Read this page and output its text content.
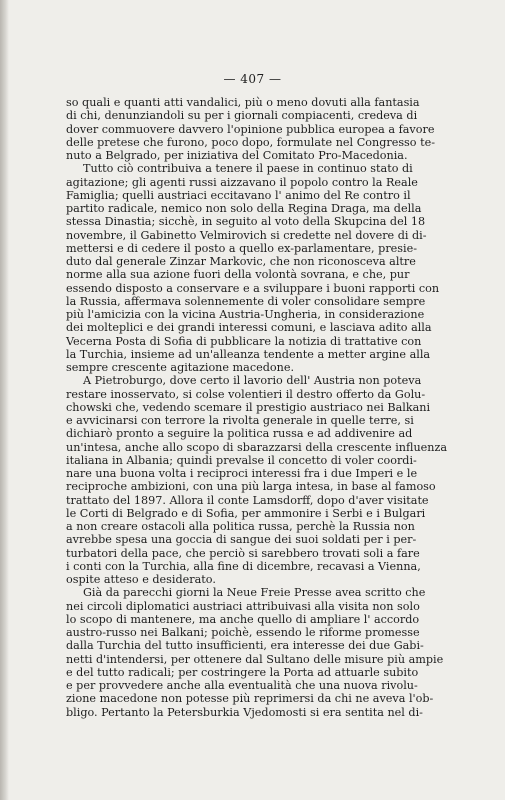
— 407 —
so quali e quanti atti vandalici, più o meno dovuti alla fantasia
di chi, denunziandoli su per i giornali compiacenti, credeva di
dover commuovere davvero l'opinione pubblica europea a favore
delle pretese che furono, poco dopo, formulate nel Congresso te-
nuto a Belgrado, per iniziativa del Comitato Pro-Macedonia.
Tutto ciò contribuiva a tenere il paese in continuo stato di
agitazione; gli agenti russi aizzavano il popolo contro la Reale
Famiglia; quelli austriaci eccitavano l' animo del Re contro il
partito radicale, nemico non solo della Regina Draga, ma della
stessa Dinastia; sicchè, in seguito al voto della Skupcina del 18
novembre, il Gabinetto Velmirovich si credette nel dovere di di-
mettersi e di cedere il posto a quello ex-parlamentare, presie-
duto dal generale Zinzar Markovic, che non riconosceva altre
norme alla sua azione fuori della volontà sovrana, e che, pur
essendo disposto a conservare e a sviluppare i buoni rapporti con
la Russia, affermava solennemente di voler consolidare sempre
più l'amicizia con la vicina Austria-Ungheria, in considerazione
dei molteplici e dei grandi interessi comuni, e lasciava adito alla
Vecerna Posta di Sofia di pubblicare la notizia di trattative con
la Turchia, insieme ad un'alleanza tendente a metter argine alla
sempre crescente agitazione macedone.
A Pietroburgo, dove certo il lavorio dell' Austria non poteva
restare inosservato, si colse volentieri il destro offerto da Golu-
chowski che, vedendo scemare il prestigio austriaco nei Balkani
e avvicinarsi con terrore la rivolta generale in quelle terre, si
dichiarò pronto a seguire la politica russa e ad addivenire ad
un'intesa, anche allo scopo di sbarazzarsi della crescente influenza
italiana in Albania; quindi prevalse il concetto di voler coordi-
nare una buona volta i reciproci interessi fra i due Imperi e le
reciproche ambizioni, con una più larga intesa, in base al famoso
trattato del 1897. Allora il conte Lamsdorff, dopo d'aver visitate
le Corti di Belgrado e di Sofia, per ammonire i Serbi e i Bulgari
a non creare ostacoli alla politica russa, perchè la Russia non
avrebbe spesa una goccia di sangue dei suoi soldati per i per-
turbatori della pace, che perciò si sarebbero trovati soli a fare
i conti con la Turchia, alla fine di dicembre, recavasi a Vienna,
ospite atteso e desiderato.
Già da parecchi giorni la Neue Freie Presse avea scritto che
nei circoli diplomatici austriaci attribuivasi alla visita non solo
lo scopo di mantenere, ma anche quello di ampliare l' accordo
austro-russo nei Balkani; poichè, essendo le riforme promesse
dalla Turchia del tutto insufficienti, era interesse dei due Gabi-
netti d'intendersi, per ottenere dal Sultano delle misure più ampie
e del tutto radicali; per costringere la Porta ad attuarle subito
e per provvedere anche alla eventualità che una nuova rivolu-
zione macedone non potesse più reprimersi da chi ne aveva l'ob-
bligo. Pertanto la Petersburkia Vjedomosti si era sentita nel di-
